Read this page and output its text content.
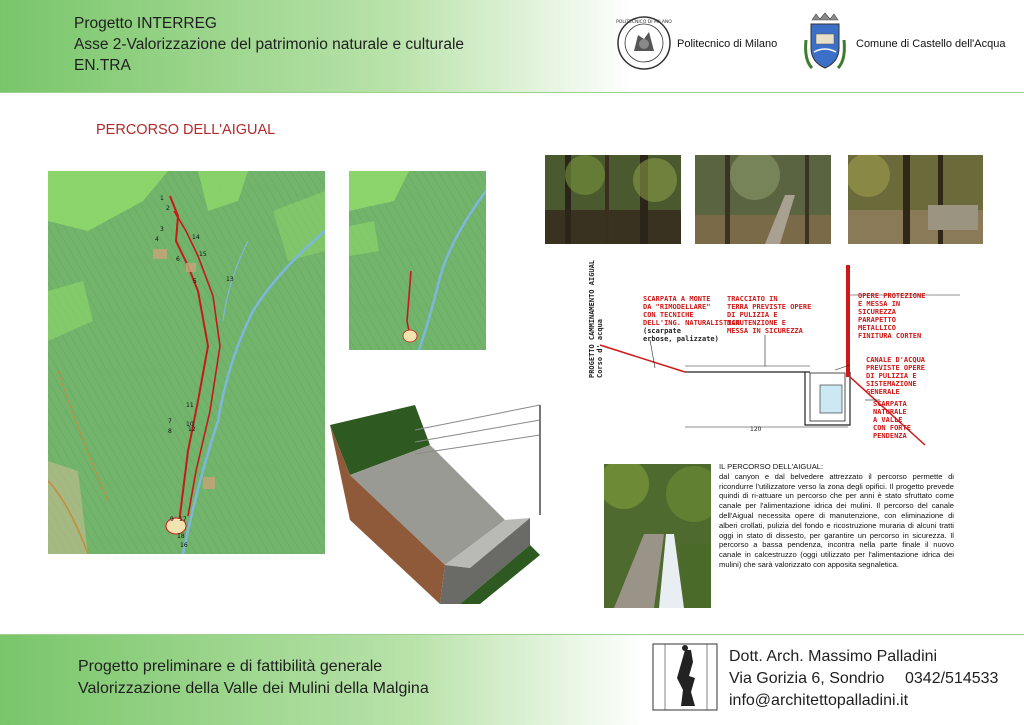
Progetto INTERREG
Asse 2-Valorizzazione del patrimonio naturale e culturale
EN.TRA
POLITECNICO DI MILANO
Politecnico di Milano	Comune di Castello dell'Acqua
PERCORSO DELL'AIGUAL
1
2
3
4
5
6
7
8
9
10
11
12
13
14
15
16
17
18
120
PROGETTO CAMMINAMENTO AIGUAL Corso d' acqua
SCARPATA A MONTE
DA "RIMODELLARE"
CON TECNICHE
DELL'ING. NATURALISTICA
(scarpate
erbose, palizzate)
TRACCIATO IN
TERRA PREVISTE OPERE
DI PULIZIA E
MANUTENZIONE E
MESSA IN SICUREZZA
OPERE PROTEZIONE
E MESSA IN
SICUREZZA
PARAPETTO
METALLICO
FINITURA CORTEN
CANALE D'ACQUA
PREVISTE OPERE
DI PULIZIA E
SISTEMAZIONE
GENERALE
SCARPATA
NATURALE
A VALLE
CON FORTE
PENDENZA
IL PERCORSO DELL'AIGUAL:
dal canyon e dal belvedere attrezzato il percorso permette di ricondurre l'utilizzatore verso la zona degli opifici. Il progetto prevede quindi di ri-attuare un percorso che per anni è stato sfruttato come canale per l'alimentazione idrica dei mulini. Il percorso del canale dell'Aigual necessita opere di manutenzione, con eliminazione di alberi crollati, pulizia del fondo e ricostruzione muraria di alcuni tratti oggi in stato di dissesto, per garantire un percorso in sicurezza. Il percorso a bassa pendenza, incontra nella parte finale il nuovo canale in calcestruzzo (oggi utilizzato per l'alimentazione idrica dei mulini) che sarà valorizzato con apposita segnaletica.
Progetto preliminare e di fattibilità generale
Valorizzazione della Valle dei Mulini della Malgina
Dott. Arch. Massimo Palladini
Via Gorizia 6, Sondrio 0342/514533
info@architettopalladini.it
